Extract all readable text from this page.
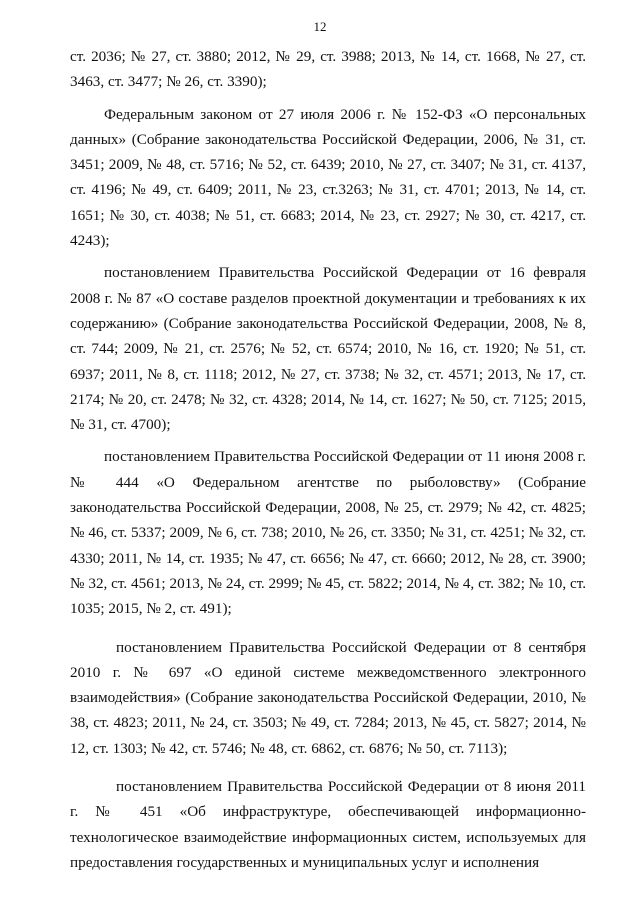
12

ст. 2036; № 27, ст. 3880; 2012, № 29, ст. 3988; 2013, № 14, ст. 1668, № 27, ст. 3463, ст. 3477; № 26, ст. 3390);

Федеральным законом от 27 июля 2006 г. № 152-ФЗ «О персональных данных» (Собрание законодательства Российской Федерации, 2006, № 31, ст. 3451; 2009, № 48, ст. 5716; № 52, ст. 6439; 2010, № 27, ст. 3407; № 31, ст. 4137, ст. 4196; № 49, ст. 6409; 2011, № 23, ст.3263; № 31, ст. 4701; 2013, № 14, ст. 1651; № 30, ст. 4038; № 51, ст. 6683; 2014, № 23, ст. 2927; № 30, ст. 4217, ст. 4243);

постановлением Правительства Российской Федерации от 16 февраля 2008 г. № 87 «О составе разделов проектной документации и требованиях к их содержанию» (Собрание законодательства Российской Федерации, 2008, № 8, ст. 744; 2009, № 21, ст. 2576; № 52, ст. 6574; 2010, № 16, ст. 1920; № 51, ст. 6937; 2011, № 8, ст. 1118; 2012, № 27, ст. 3738; № 32, ст. 4571; 2013, № 17, ст. 2174; № 20, ст. 2478; № 32, ст. 4328; 2014, № 14, ст. 1627; № 50, ст. 7125; 2015, № 31, ст. 4700);

постановлением Правительства Российской Федерации от 11 июня 2008 г. № 444 «О Федеральном агентстве по рыболовству» (Собрание законодательства Российской Федерации, 2008, № 25, ст. 2979; № 42, ст. 4825; № 46, ст. 5337; 2009, № 6, ст. 738; 2010, № 26, ст. 3350; № 31, ст. 4251; № 32, ст. 4330; 2011, № 14, ст. 1935; № 47, ст. 6656; № 47, ст. 6660; 2012, № 28, ст. 3900; № 32, ст. 4561; 2013, № 24, ст. 2999; № 45, ст. 5822; 2014, № 4, ст. 382; № 10, ст. 1035; 2015, № 2, ст. 491);

постановлением Правительства Российской Федерации от 8 сентября 2010 г. № 697 «О единой системе межведомственного электронного взаимодействия» (Собрание законодательства Российской Федерации, 2010, № 38, ст. 4823; 2011, № 24, ст. 3503; № 49, ст. 7284; 2013, № 45, ст. 5827; 2014, № 12, ст. 1303; № 42, ст. 5746; № 48, ст. 6862, ст. 6876; № 50, ст. 7113);

постановлением Правительства Российской Федерации от 8 июня 2011 г. № 451 «Об инфраструктуре, обеспечивающей информационно-технологическое взаимодействие информационных систем, используемых для предоставления государственных и муниципальных услуг и исполнения
